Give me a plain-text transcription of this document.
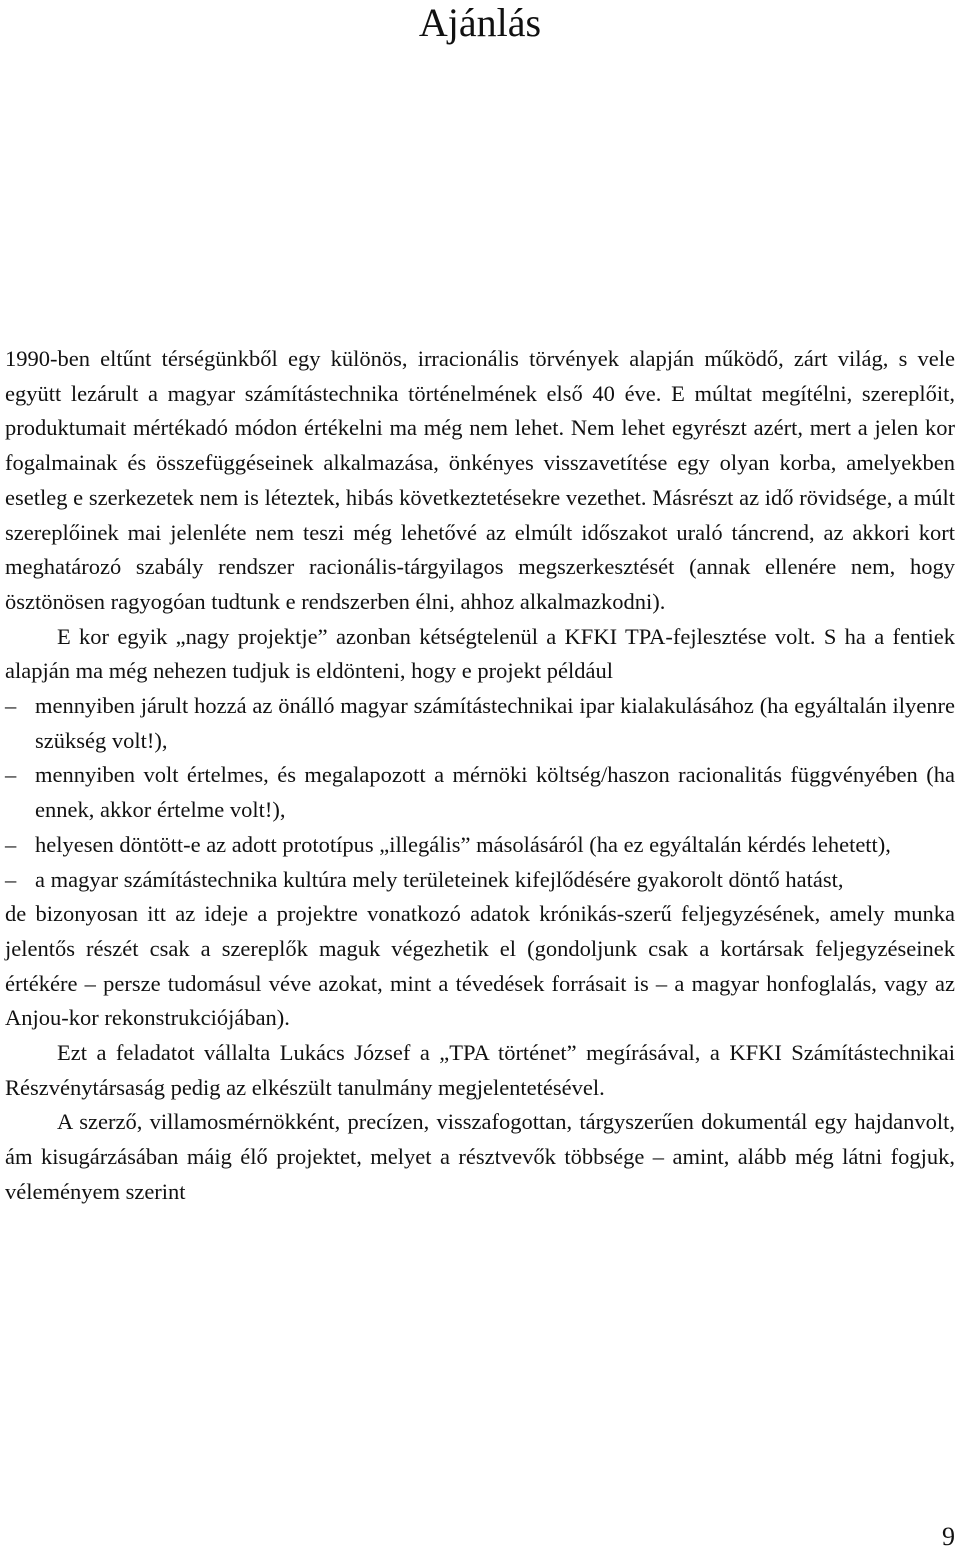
Ajánlás

1990-ben eltűnt térségünkből egy különös, irracionális törvények alapján működő, zárt világ, s vele együtt lezárult a magyar számítástechnika történelmének első 40 éve. E múltat megítélni, szereplőit, produktumait mértékadó módon értékelni ma még nem lehet. Nem lehet egyrészt azért, mert a jelen kor fogalmainak és összefüggéseinek alkalmazása, önkényes visszavetítése egy olyan korba, amelyekben esetleg e szerkezetek nem is léteztek, hibás következtetésekre vezethet. Másrészt az idő rövidsége, a múlt szereplőinek mai jelenléte nem teszi még lehetővé az elmúlt időszakot uraló táncrend, az akkori kort meghatározó szabály rendszer racionális-tárgyilagos megszerkesztését (annak ellenére nem, hogy ösztönösen ragyogóan tudtunk e rendszerben élni, ahhoz alkalmazkodni).

E kor egyik „nagy projektje” azonban kétségtelenül a KFKI TPA-fejlesztése volt. S ha a fentiek alapján ma még nehezen tudjuk is eldönteni, hogy e projekt például

– mennyiben járult hozzá az önálló magyar számítástechnikai ipar kialakulásához (ha egyáltalán ilyenre szükség volt!),
– mennyiben volt értelmes, és megalapozott a mérnöki költség/haszon racionalitás függvényében (ha ennek, akkor értelme volt!),
– helyesen döntött-e az adott prototípus „illegális” másolásáról (ha ez egyáltalán kérdés lehetett),
– a magyar számítástechnika kultúra mely területeinek kifejlődésére gyakorolt döntő hatást,

de bizonyosan itt az ideje a projektre vonatkozó adatok krónikás-szerű feljegyzésének, amely munka jelentős részét csak a szereplők maguk végezhetik el (gondoljunk csak a kortársak feljegyzéseinek értékére – persze tudomásul véve azokat, mint a tévedések forrásait is – a magyar honfoglalás, vagy az Anjou-kor rekonstrukciójában).

Ezt a feladatot vállalta Lukács József a „TPA történet” megírásával, a KFKI Számítástechnikai Részvénytársaság pedig az elkészült tanulmány megjelentetésével.

A szerző, villamosmérnökként, precízen, visszafogottan, tárgyszerűen dokumentál egy hajdanvolt, ám kisugárzásában máig élő projektet, melyet a résztvevők többsége – amint, alább még látni fogjuk, véleményem szerint

9
